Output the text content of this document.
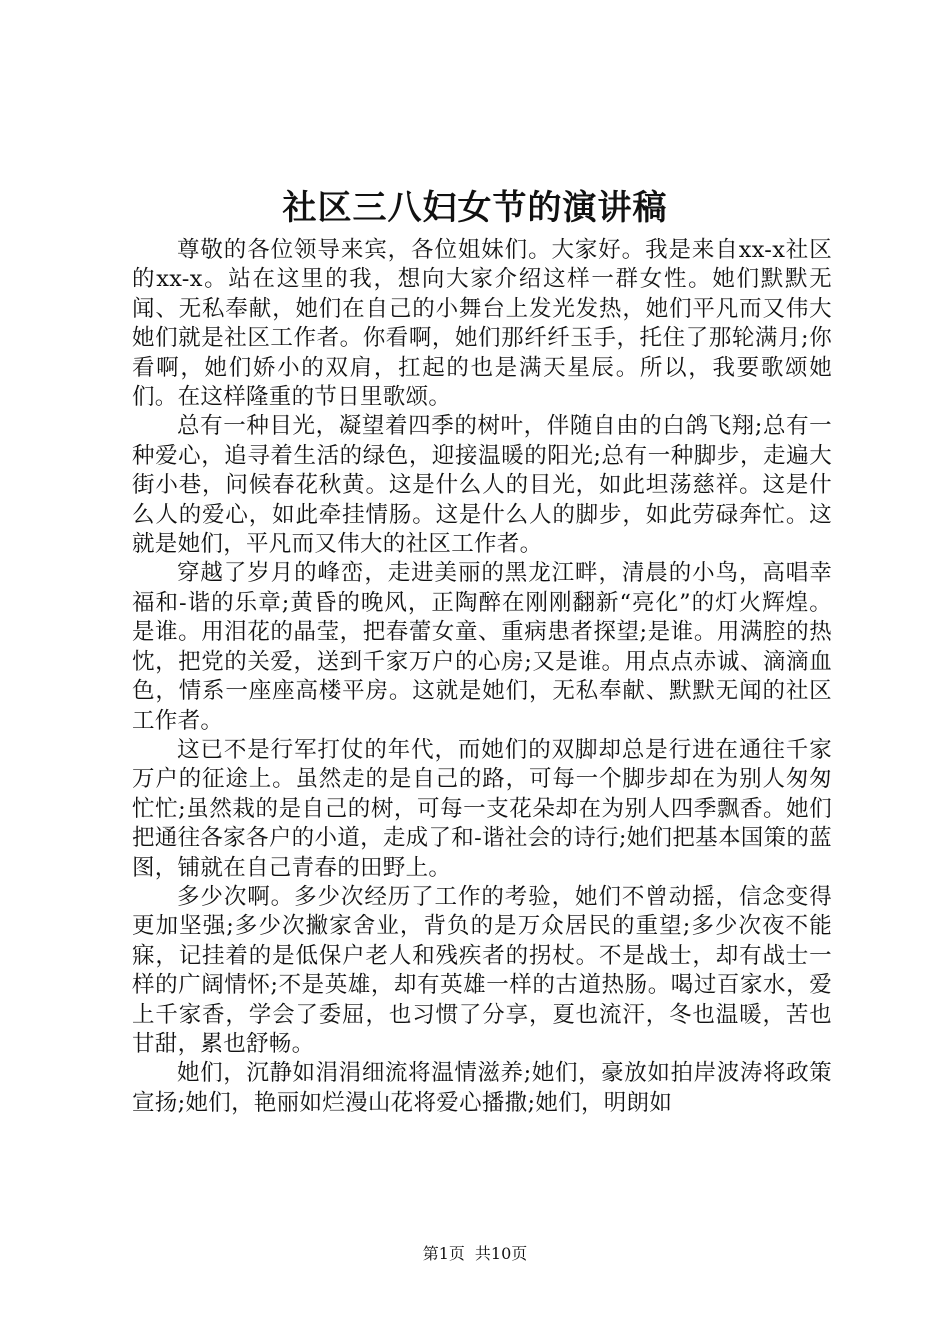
社区三八妇女节的演讲稿

尊敬的各位领导来宾，各位姐妹们。大家好。我是来自xx-x社区的xx-x。站在这里的我，想向大家介绍这样一群女性。她们默默无闻、无私奉献，她们在自己的小舞台上发光发热，她们平凡而又伟大她们就是社区工作者。你看啊，她们那纤纤玉手，托住了那轮满月;你看啊，她们娇小的双肩，扛起的也是满天星辰。所以，我要歌颂她们。在这样隆重的节日里歌颂。

总有一种目光，凝望着四季的树叶，伴随自由的白鸽飞翔;总有一种爱心，追寻着生活的绿色，迎接温暖的阳光;总有一种脚步，走遍大街小巷，问候春花秋黄。这是什么人的目光，如此坦荡慈祥。这是什么人的爱心，如此牵挂情肠。这是什么人的脚步，如此劳碌奔忙。这就是她们，平凡而又伟大的社区工作者。

穿越了岁月的峰峦，走进美丽的黑龙江畔，清晨的小鸟，高唱幸福和-谐的乐章;黄昏的晚风，正陶醉在刚刚翻新“亮化”的灯火辉煌。是谁。用泪花的晶莹，把春蕾女童、重病患者探望;是谁。用满腔的热忱，把党的关爱，送到千家万户的心房;又是谁。用点点赤诚、滴滴血色，情系一座座高楼平房。这就是她们，无私奉献、默默无闻的社区工作者。

这已不是行军打仗的年代，而她们的双脚却总是行进在通往千家万户的征途上。虽然走的是自己的路，可每一个脚步却在为别人匆匆忙忙;虽然栽的是自己的树，可每一支花朵却在为别人四季飘香。她们把通往各家各户的小道，走成了和-谐社会的诗行;她们把基本国策的蓝图，铺就在自己青春的田野上。

多少次啊。多少次经历了工作的考验，她们不曾动摇，信念变得更加坚强;多少次撇家舍业，背负的是万众居民的重望;多少次夜不能寐，记挂着的是低保户老人和残疾者的拐杖。不是战士，却有战士一样的广阔情怀;不是英雄，却有英雄一样的古道热肠。喝过百家水，爱上千家香，学会了委屈，也习惯了分享，夏也流汗，冬也温暖，苦也甘甜，累也舒畅。

她们，沉静如涓涓细流将温情滋养;她们，豪放如拍岸波涛将政策宣扬;她们，艳丽如烂漫山花将爱心播撒;她们，明朗如

第1页 共10页
